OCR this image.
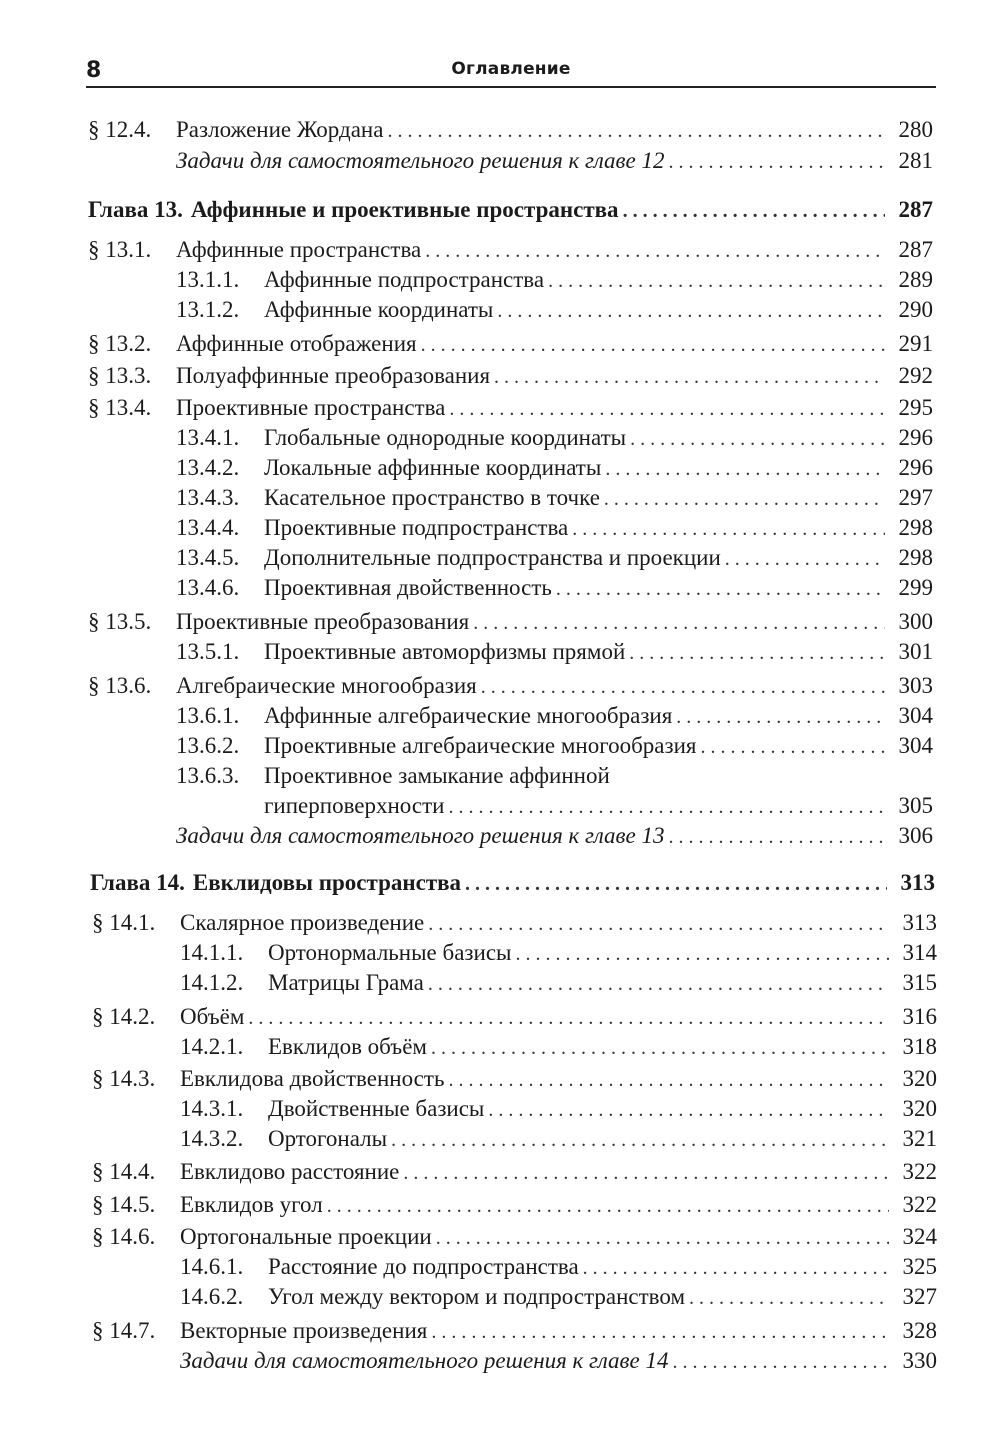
8	Оглавление
§ 12.4.	Разложение Жордана . . .	280
Задачи для самостоятельного решения к главе 12 . . .	281
Глава 13. Аффинные и проективные пространства . . .	287
§ 13.1.	Аффинные пространства . . .	287
13.1.1.	Аффинные подпространства . . .	289
13.1.2.	Аффинные координаты . . .	290
§ 13.2.	Аффинные отображения . . .	291
§ 13.3.	Полуаффинные преобразования . . .	292
§ 13.4.	Проективные пространства . . .	295
13.4.1.	Глобальные однородные координаты . . .	296
13.4.2.	Локальные аффинные координаты . . .	296
13.4.3.	Касательное пространство в точке . . .	297
13.4.4.	Проективные подпространства . . .	298
13.4.5.	Дополнительные подпространства и проекции . . .	298
13.4.6.	Проективная двойственность . . .	299
§ 13.5.	Проективные преобразования . . .	300
13.5.1.	Проективные автоморфизмы прямой . . .	301
§ 13.6.	Алгебраические многообразия . . .	303
13.6.1.	Аффинные алгебраические многообразия . . .	304
13.6.2.	Проективные алгебраические многообразия . . .	304
13.6.3. Проективное замыкание аффинной
гиперповерхности . . .	305
Задачи для самостоятельного решения к главе 13 . . .	306
Глава 14. Евклидовы пространства . . .	313
§ 14.1.	Скалярное произведение . . .	313
14.1.1.	Ортонормальные базисы . . .	314
14.1.2.	Матрицы Грама . . .	315
§ 14.2.	Объём . . .	316
14.2.1.	Евклидов объём . . .	318
§ 14.3.	Евклидова двойственность . . .	320
14.3.1.	Двойственные базисы . . .	320
14.3.2.	Ортогоналы . . .	321
§ 14.4.	Евклидово расстояние . . .	322
§ 14.5.	Евклидов угол . . .	322
§ 14.6.	Ортогональные проекции . . .	324
14.6.1.	Расстояние до подпространства . . .	325
14.6.2.	Угол между вектором и подпространством . . .	327
§ 14.7.	Векторные произведения . . .	328
Задачи для самостоятельного решения к главе 14 . . .	330
